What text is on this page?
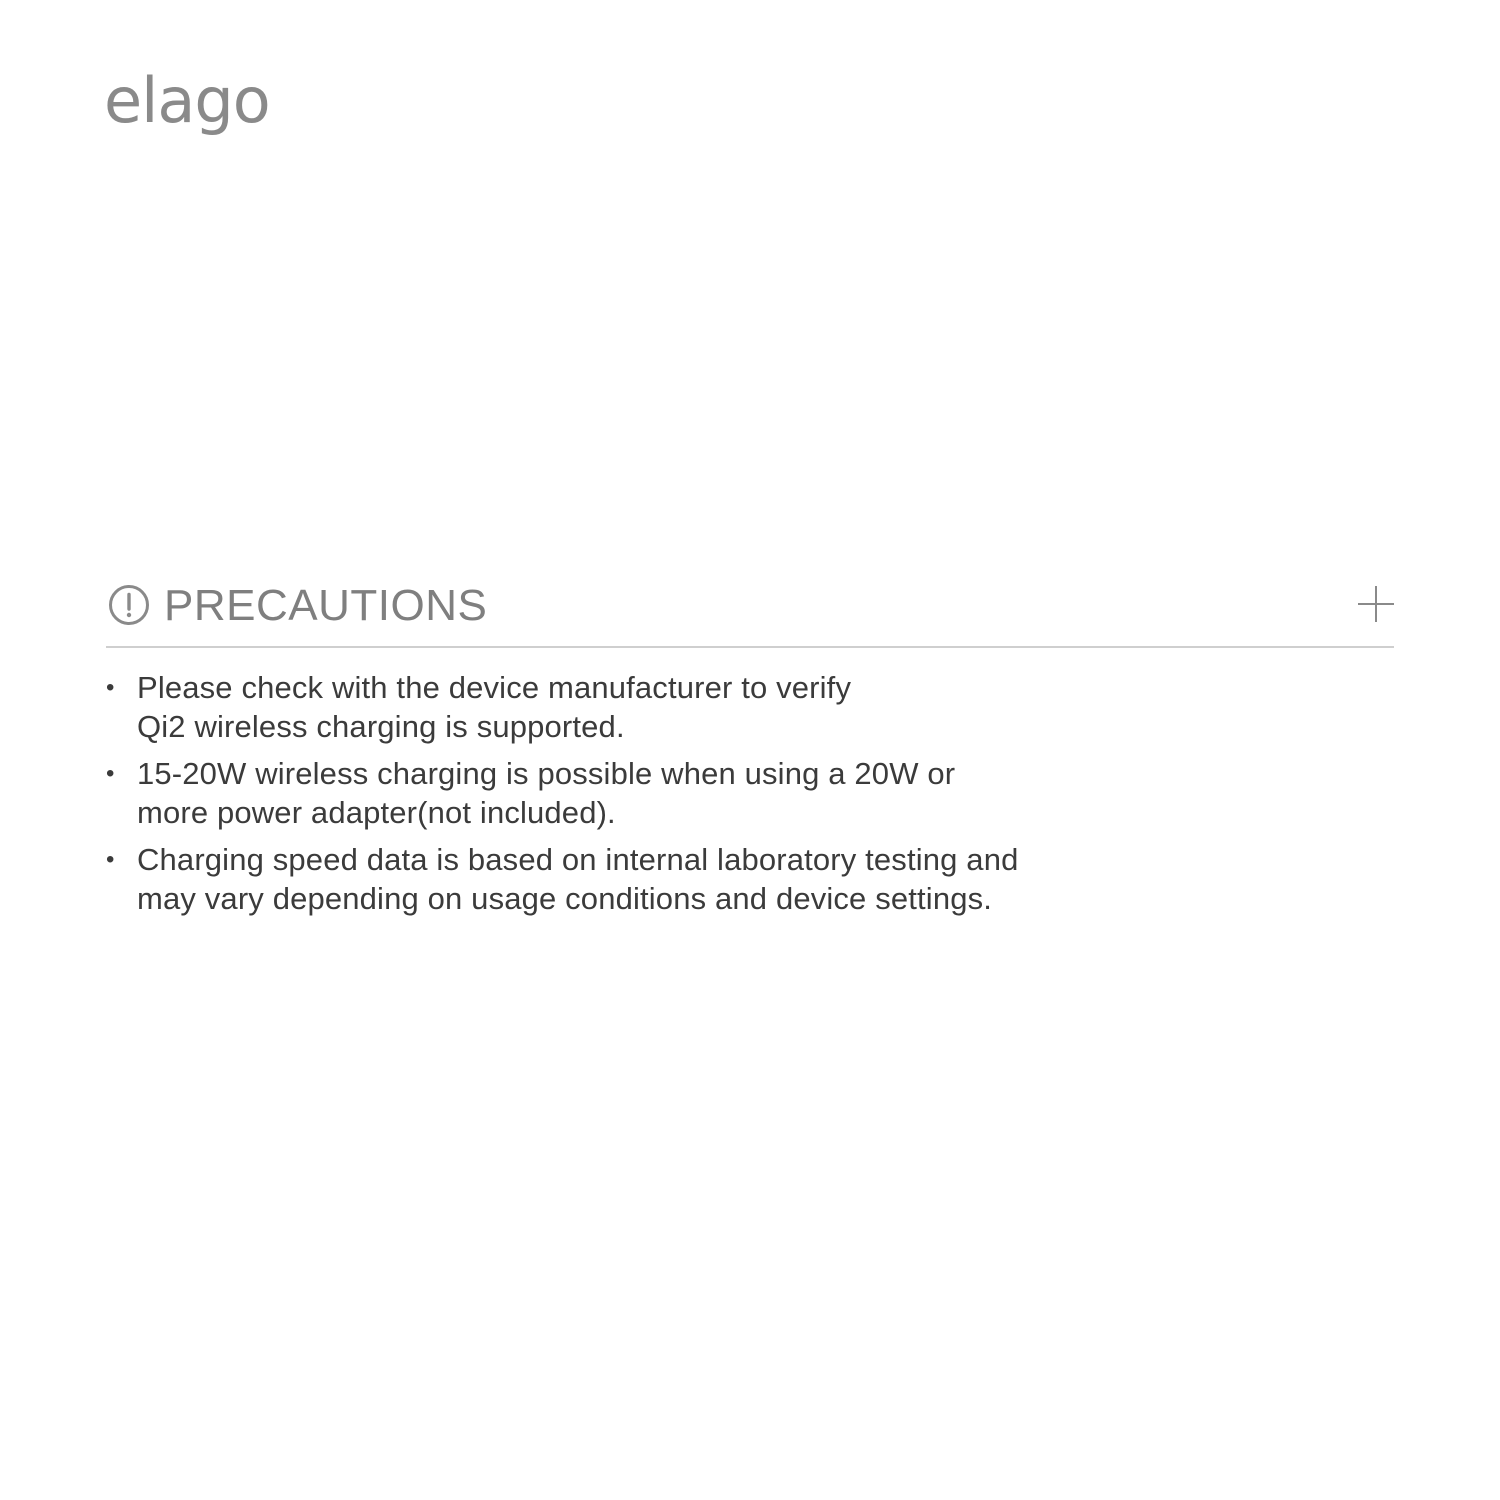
elago
PRECAUTIONS
• Please check with the device manufacturer to verify
Qi2 wireless charging is supported.
• 15-20W wireless charging is possible when using a 20W or
more power adapter(not included).
• Charging speed data is based on internal laboratory testing and
may vary depending on usage conditions and device settings.
